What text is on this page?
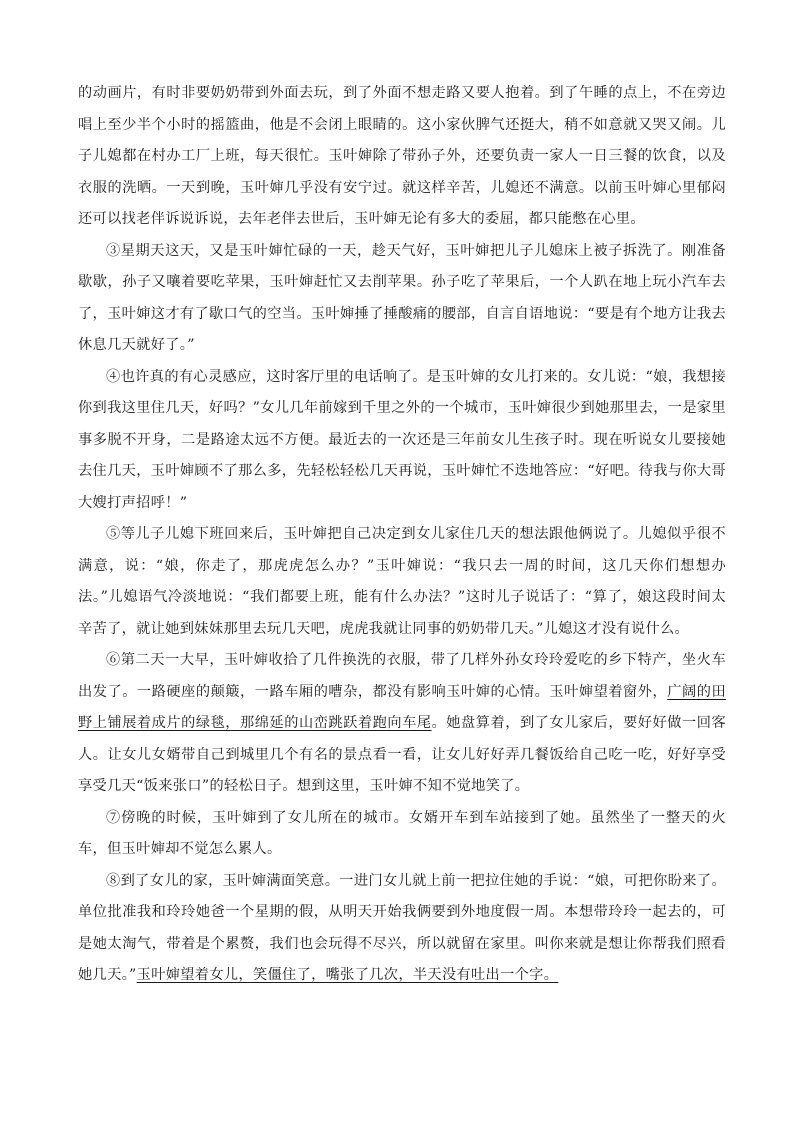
的动画片，有时非要奶奶带到外面去玩，到了外面不想走路又要人抱着。到了午睡的点上，不在旁边唱上至少半个小时的摇篮曲，他是不会闭上眼睛的。这小家伙脾气还挺大，稍不如意就又哭又闹。儿子儿媳都在村办工厂上班，每天很忙。玉叶婶除了带孙子外，还要负责一家人一日三餐的饮食，以及衣服的洗晒。一天到晚，玉叶婶几乎没有安宁过。就这样辛苦，儿媳还不满意。以前玉叶婶心里郁闷还可以找老伴诉说诉说，去年老伴去世后，玉叶婶无论有多大的委屈，都只能憋在心里。

③星期天这天，又是玉叶婶忙碌的一天，趁天气好，玉叶婶把儿子儿媳床上被子拆洗了。刚准备歇歇，孙子又嚷着要吃苹果，玉叶婶赶忙又去削苹果。孙子吃了苹果后，一个人趴在地上玩小汽车去了，玉叶婶这才有了歇口气的空当。玉叶婶捶了捶酸痛的腰部，自言自语地说：“要是有个地方让我去休息几天就好了。”

④也许真的有心灵感应，这时客厅里的电话响了。是玉叶婶的女儿打来的。女儿说：“娘，我想接你到我这里住几天，好吗？”女儿几年前嫁到千里之外的一个城市，玉叶婶很少到她那里去，一是家里事多脱不开身，二是路途太远不方便。最近去的一次还是三年前女儿生孩子时。现在听说女儿要接她去住几天，玉叶婶顾不了那么多，先轻松轻松几天再说，玉叶婶忙不迭地答应：“好吧。待我与你大哥大嫂打声招呼！”

⑤等儿子儿媳下班回来后，玉叶婶把自己决定到女儿家住几天的想法跟他俩说了。儿媳似乎很不满意，说：“娘，你走了，那虎虎怎么办？”玉叶婶说：“我只去一周的时间，这几天你们想想办法。”儿媳语气冷淡地说：“我们都要上班，能有什么办法？”这时儿子说话了：“算了，娘这段时间太辛苦了，就让她到妹妹那里去玩几天吧，虎虎我就让同事的奶奶带几天。”儿媳这才没有说什么。

⑥第二天一大早，玉叶婶收拾了几件换洗的衣服，带了几样外孙女玲玲爱吃的乡下特产，坐火车出发了。一路硬座的颠簸，一路车厢的嘈杂，都没有影响玉叶婶的心情。玉叶婶望着窗外，广阔的田野上铺展着成片的绿毯，那绵延的山峦跳跃着跑向车尾。她盘算着，到了女儿家后，要好好做一回客人。让女儿女婿带自己到城里几个有名的景点看一看，让女儿好好弄几餐饭给自己吃一吃，好好享受享受几天“饭来张口”的轻松日子。想到这里，玉叶婶不知不觉地笑了。

⑦傍晚的时候，玉叶婶到了女儿所在的城市。女婿开车到车站接到了她。虽然坐了一整天的火车，但玉叶婶却不觉怎么累人。

⑧到了女儿的家，玉叶婶满面笑意。一进门女儿就上前一把拉住她的手说：“娘，可把你盼来了。单位批准我和玲玲她爸一个星期的假，从明天开始我俩要到外地度假一周。本想带玲玲一起去的，可是她太淘气，带着是个累赘，我们也会玩得不尽兴，所以就留在家里。叫你来就是想让你帮我们照看她几天。”玉叶婶望着女儿，笑僵住了，嘴张了几次，半天没有吐出一个字。
